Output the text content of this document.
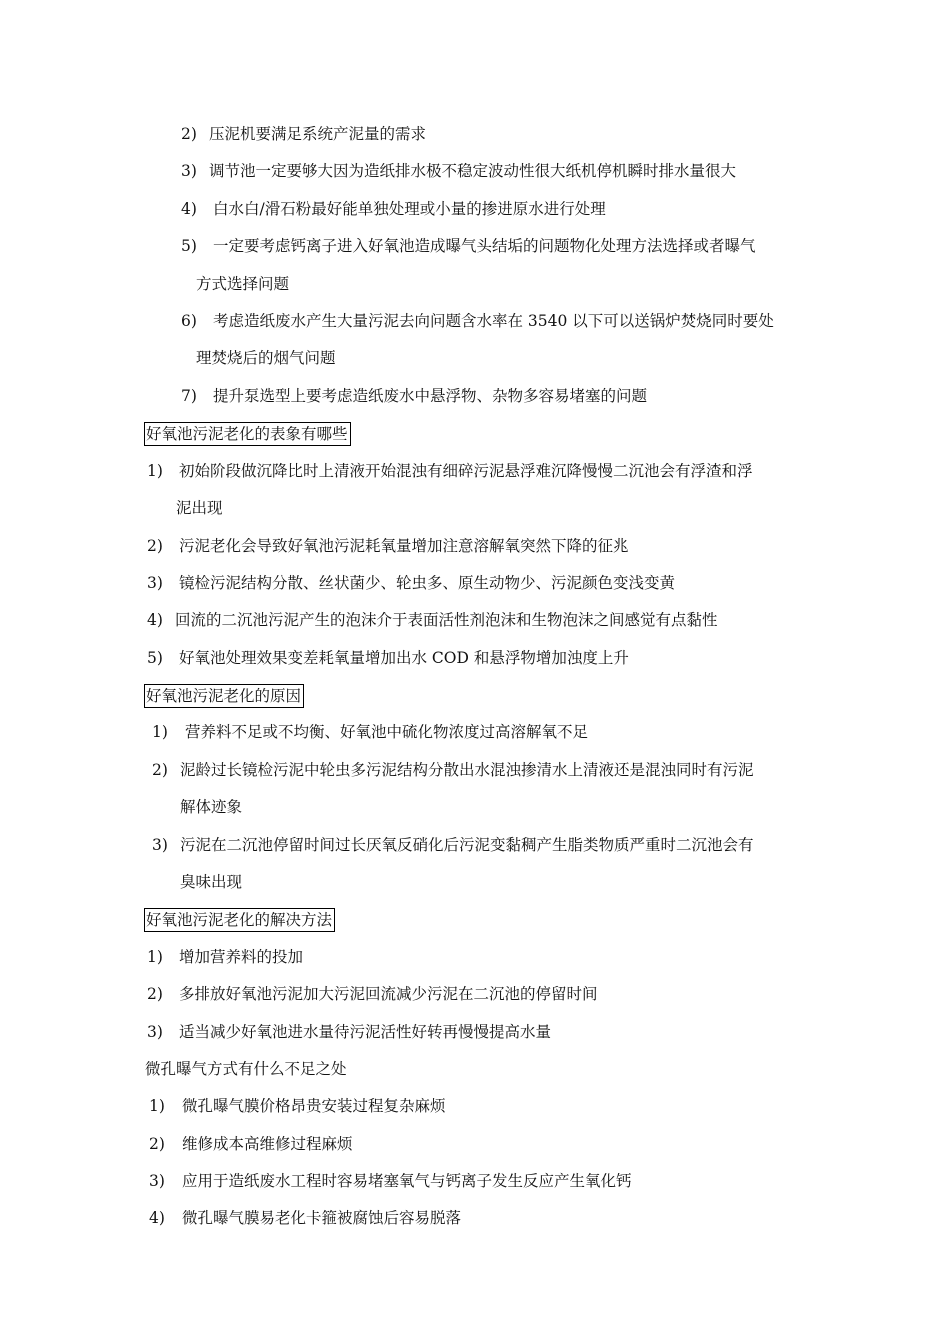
2) 压泥机要满足系统产泥量的需求
3) 调节池一定要够大因为造纸排水极不稳定波动性很大纸机停机瞬时排水量很大
4) 白水白/滑石粉最好能单独处理或小量的掺进原水进行处理
5) 一定要考虑钙离子进入好氧池造成曝气头结垢的问题物化处理方法选择或者曝气
方式选择问题
6) 考虑造纸废水产生大量污泥去向问题含水率在 3540 以下可以送锅炉焚烧同时要处
理焚烧后的烟气问题
7) 提升泵选型上要考虑造纸废水中悬浮物、杂物多容易堵塞的问题
好氧池污泥老化的表象有哪些
1) 初始阶段做沉降比时上清液开始混浊有细碎污泥悬浮难沉降慢慢二沉池会有浮渣和浮
泥出现
2) 污泥老化会导致好氧池污泥耗氧量增加注意溶解氧突然下降的征兆
3) 镜检污泥结构分散、丝状菌少、轮虫多、原生动物少、污泥颜色变浅变黄
4) 回流的二沉池污泥产生的泡沫介于表面活性剂泡沫和生物泡沫之间感觉有点黏性
5) 好氧池处理效果变差耗氧量增加出水 COD 和悬浮物增加浊度上升
好氧池污泥老化的原因
1) 营养料不足或不均衡、好氧池中硫化物浓度过高溶解氧不足
2) 泥龄过长镜检污泥中轮虫多污泥结构分散出水混浊掺清水上清液还是混浊同时有污泥
解体迹象
3) 污泥在二沉池停留时间过长厌氧反硝化后污泥变黏稠产生脂类物质严重时二沉池会有
臭味出现
好氧池污泥老化的解决方法
1) 增加营养料的投加
2) 多排放好氧池污泥加大污泥回流减少污泥在二沉池的停留时间
3) 适当减少好氧池进水量待污泥活性好转再慢慢提高水量
微孔曝气方式有什么不足之处
1) 微孔曝气膜价格昂贵安装过程复杂麻烦
2) 维修成本高维修过程麻烦
3) 应用于造纸废水工程时容易堵塞氧气与钙离子发生反应产生氧化钙
4) 微孔曝气膜易老化卡箍被腐蚀后容易脱落
